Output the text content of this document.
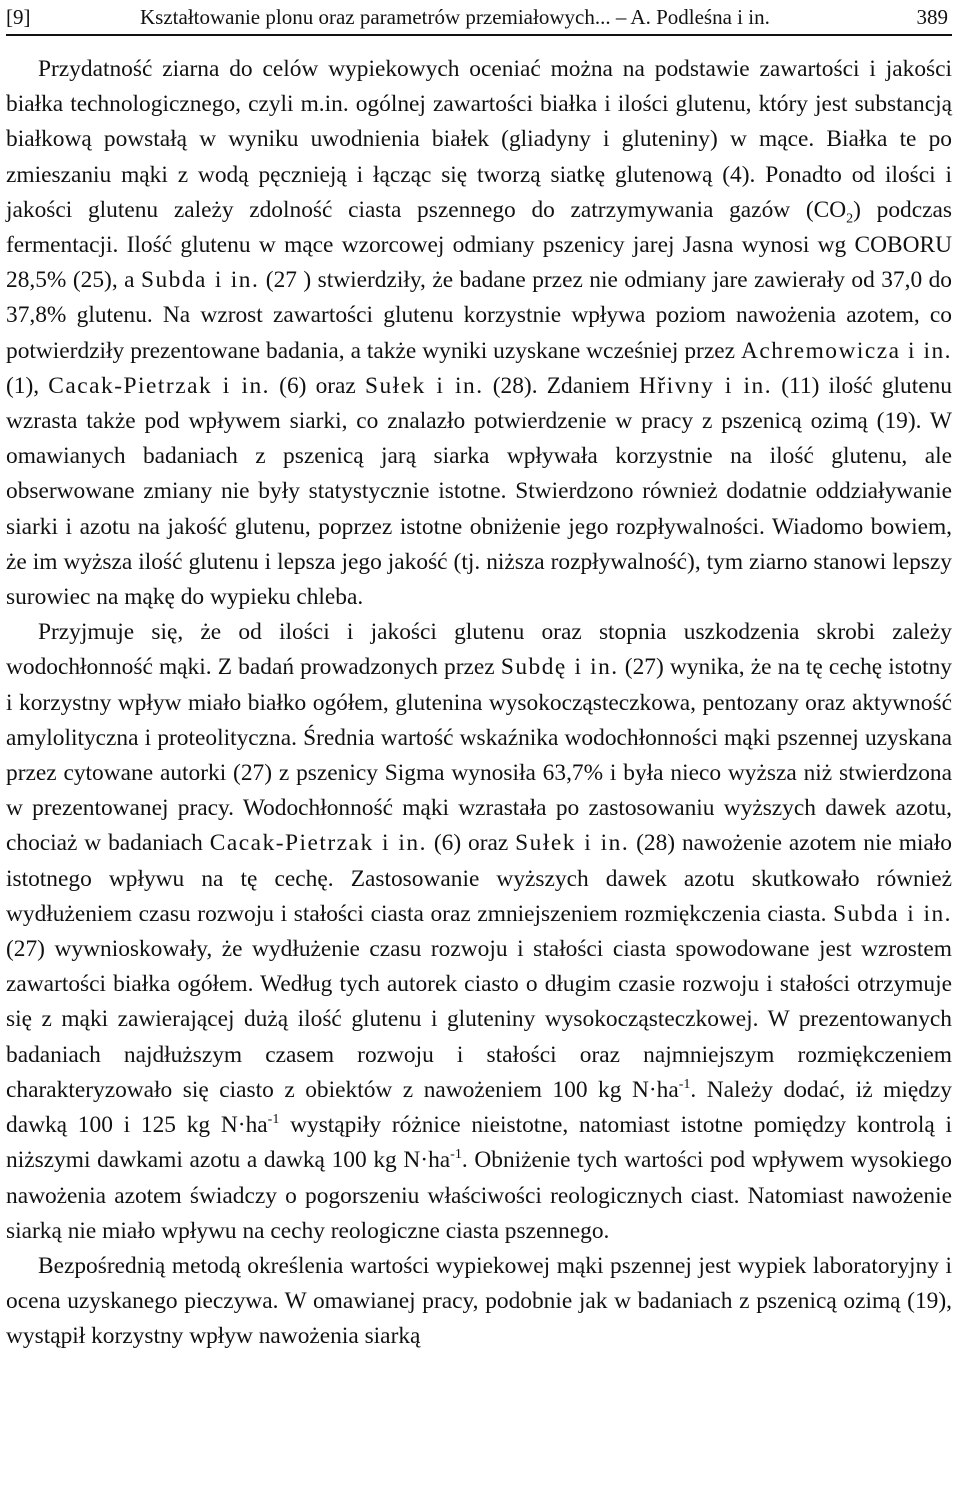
[9]	Kształtowanie plonu oraz parametrów przemiałowych... – A. Podleśna i in.	389

Przydatność ziarna do celów wypiekowych oceniać można na podstawie zawartości i jakości białka technologicznego, czyli m.in. ogólnej zawartości białka i ilości glutenu, który jest substancją białkową powstałą w wyniku uwodnienia białek (gliadyny i gluteniny) w mące. Białka te po zmieszaniu mąki z wodą pęcznieją i łącząc się tworzą siatkę glutenową (4). Ponadto od ilości i jakości glutenu zależy zdolność ciasta pszennego do zatrzymywania gazów $(CO_2)$ podczas fermentacji. Ilość glutenu w mące wzorcowej odmiany pszenicy jarej Jasna wynosi wg COBORU 28,5% (25), a Subda i in. (27 ) stwierdziły, że badane przez nie odmiany jare zawierały od 37,0 do 37,8% glutenu. Na wzrost zawartości glutenu korzystnie wpływa poziom nawożenia azotem, co potwierdziły prezentowane badania, a także wyniki uzyskane wcześniej przez Achremowicza i in. (1), Cacak-Pietrzak i in. (6) oraz Sułek i in. (28). Zdaniem Hřivny i in. (11) ilość glutenu wzrasta także pod wpływem siarki, co znalazło potwierdzenie w pracy z pszenicą ozimą (19). W omawianych badaniach z pszenicą jarą siarka wpływała korzystnie na ilość glutenu, ale obserwowane zmiany nie były statystycznie istotne. Stwierdzono również dodatnie oddziaływanie siarki i azotu na jakość glutenu, poprzez istotne obniżenie jego rozpływalności. Wiadomo bowiem, że im wyższa ilość glutenu i lepsza jego jakość (tj. niższa rozpływalność), tym ziarno stanowi lepszy surowiec na mąkę do wypieku chleba.

Przyjmuje się, że od ilości i jakości glutenu oraz stopnia uszkodzenia skrobi zależy wodochłonność mąki. Z badań prowadzonych przez Subdę i in. (27) wynika, że na tę cechę istotny i korzystny wpływ miało białko ogółem, glutenina wysokocząsteczkowa, pentozany oraz aktywność amylolityczna i proteolityczna. Średnia wartość wskaźnika wodochłonności mąki pszennej uzyskana przez cytowane autorki (27) z pszenicy Sigma wynosiła 63,7% i była nieco wyższa niż stwierdzona w prezentowanej pracy. Wodochłonność mąki wzrastała po zastosowaniu wyższych dawek azotu, chociaż w badaniach Cacak-Pietrzak i in. (6) oraz Sułek i in. (28) nawożenie azotem nie miało istotnego wpływu na tę cechę. Zastosowanie wyższych dawek azotu skutkowało również wydłużeniem czasu rozwoju i stałości ciasta oraz zmniejszeniem rozmiękczenia ciasta. Subda i in. (27) wywnioskowały, że wydłużenie czasu rozwoju i stałości ciasta spowodowane jest wzrostem zawartości białka ogółem. Według tych autorek ciasto o długim czasie rozwoju i stałości otrzymuje się z mąki zawierającej dużą ilość glutenu i gluteniny wysokocząsteczkowej. W prezentowanych badaniach najdłuższym czasem rozwoju i stałości oraz najmniejszym rozmiękczeniem charakteryzowało się ciasto z obiektów z nawożeniem 100 kg $N\cdot ha^{-1}$. Należy dodać, iż między dawką 100 i 125 kg $N\cdot ha^{-1}$ wystąpiły różnice nieistotne, natomiast istotne pomiędzy kontrolą i niższymi dawkami azotu a dawką 100 kg $N\cdot ha^{-1}$. Obniżenie tych wartości pod wpływem wysokiego nawożenia azotem świadczy o pogorszeniu właściwości reologicznych ciast. Natomiast nawożenie siarką nie miało wpływu na cechy reologiczne ciasta pszennego.

Bezpośrednią metodą określenia wartości wypiekowej mąki pszennej jest wypiek laboratoryjny i ocena uzyskanego pieczywa. W omawianej pracy, podobnie jak w badaniach z pszenicą ozimą (19), wystąpił korzystny wpływ nawożenia siarką
